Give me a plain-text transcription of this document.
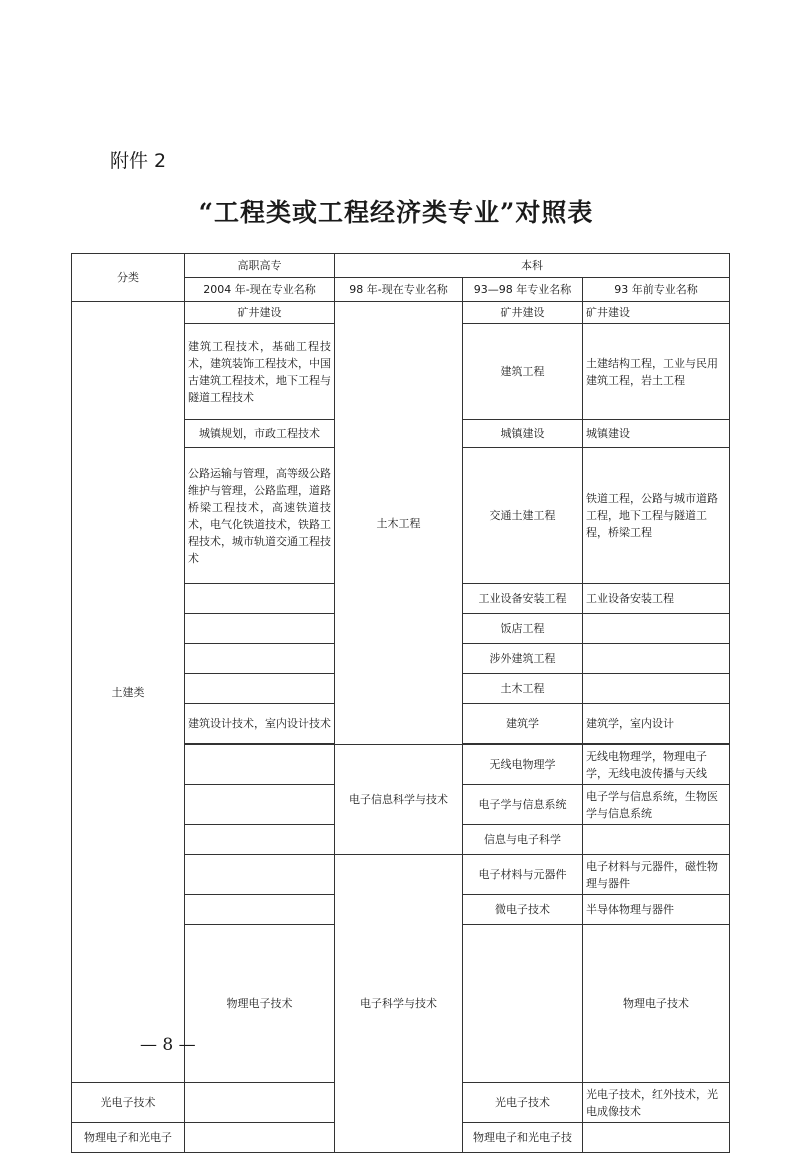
附件 2
“工程类或工程经济类专业”对照表
分类	高职高专	本科			
	2004 年-现在专业名称	98 年-现在专业名称	93—98 年专业名称	93 年前专业名称	
土建类	矿井建设	土木工程	矿井建设	矿井建设	
	建筑工程技术，基础工程技术，建筑装饰工程技术，中国古建筑工程技术，地下工程与隧道工程技术		建筑工程	土建结构工程，工业与民用建筑工程，岩土工程	
	城镇规划，市政工程技术		城镇建设	城镇建设	
	公路运输与管理，高等级公路维护与管理，公路监理，道路桥梁工程技术，高速铁道技术，电气化铁道技术，铁路工程技术，城市轨道交通工程技术		交通土建工程	铁道工程，公路与城市道路工程，地下工程与隧道工程，桥梁工程	
			工业设备安装工程	工业设备安装工程	
			饭店工程		
			涉外建筑工程		
			土木工程		
	建筑设计技术，室内设计技术		建筑学	建筑学，室内设计	

		电子信息科学与技术	无线电物理学	无线电物理学，物理电子学，无线电波传播与天线	
			电子学与信息系统	电子学与信息系统，生物医学与信息系统	
			信息与电子科学		
		电子科学与技术	电子材料与元器件	电子材料与元器件，磁性物理与器件	
			微电子技术	半导体物理与器件	
	物理电子技术			物理电子技术	
光电子技术			光电子技术	光电子技术，红外技术，光电成像技术	
物理电子和光电子			物理电子和光电子技		
— 8 —
